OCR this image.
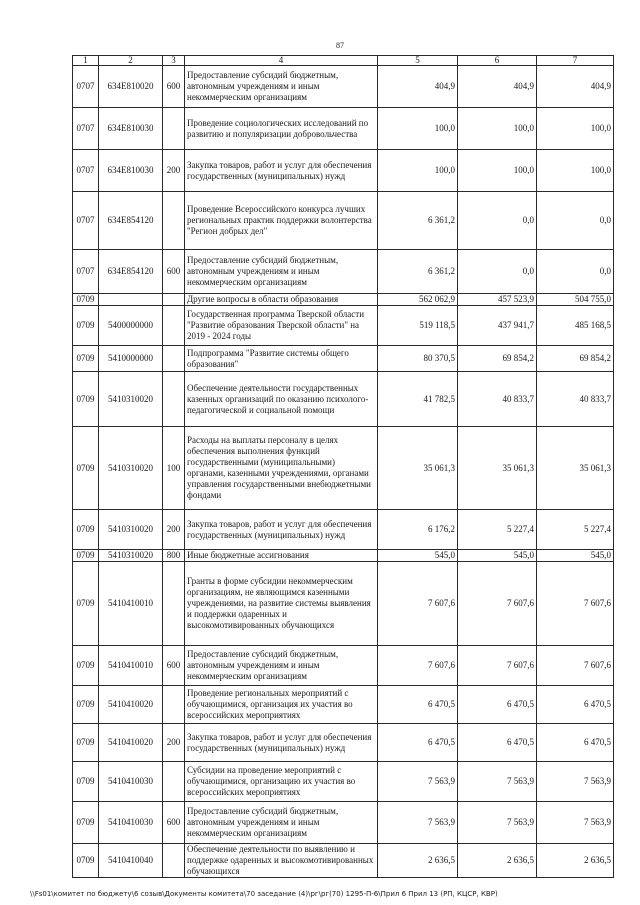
87
1	2	3	4	5	6	7
0707	634E810020	600	Предоставление субсидий бюджетным, автономным учреждениям и иным некоммерческим организациям	404,9	404,9	404,9
0707	634E810030		Проведение социологических исследований по развитию и популяризации добровольчества	100,0	100,0	100,0
0707	634E810030	200	Закупка товаров, работ и услуг для обеспечения государственных (муниципальных) нужд	100,0	100,0	100,0
0707	634E854120		Проведение Всероссийского конкурса лучших региональных практик поддержки волонтерства "Регион добрых дел"	6 361,2	0,0	0,0
0707	634E854120	600	Предоставление субсидий бюджетным, автономным учреждениям и иным некоммерческим организациям	6 361,2	0,0	0,0
0709			Другие вопросы в области образования	562 062,9	457 523,9	504 755,0
0709	5400000000		Государственная программа Тверской области "Развитие образования Тверской области" на 2019 - 2024 годы	519 118,5	437 941,7	485 168,5
0709	5410000000		Подпрограмма "Развитие системы общего образования"	80 370,5	69 854,2	69 854,2
0709	5410310020		Обеспечение деятельности государственных казенных организаций по оказанию психолого-педагогической и социальной помощи	41 782,5	40 833,7	40 833,7
0709	5410310020	100	Расходы на выплаты персоналу в целях обеспечения выполнения функций государственными (муниципальными) органами, казенными учреждениями, органами управления государственными внебюджетными фондами	35 061,3	35 061,3	35 061,3
0709	5410310020	200	Закупка товаров, работ и услуг для обеспечения государственных (муниципальных) нужд	6 176,2	5 227,4	5 227,4
0709	5410310020	800	Иные бюджетные ассигнования	545,0	545,0	545,0
0709	5410410010		Гранты в форме субсидии некоммерческим организациям, не являющимся казенными учреждениями, на развитие системы выявления и поддержки одаренных и высокомотивированных обучающихся	7 607,6	7 607,6	7 607,6
0709	5410410010	600	Предоставление субсидий бюджетным, автономным учреждениям и иным некоммерческим организациям	7 607,6	7 607,6	7 607,6
0709	5410410020		Проведение региональных мероприятий с обучающимися, организация их участия во всероссийских мероприятиях	6 470,5	6 470,5	6 470,5
0709	5410410020	200	Закупка товаров, работ и услуг для обеспечения государственных (муниципальных) нужд	6 470,5	6 470,5	6 470,5
0709	5410410030		Субсидии на проведение мероприятий с обучающимися, организацию их участия во всероссийских мероприятиях	7 563,9	7 563,9	7 563,9
0709	5410410030	600	Предоставление субсидий бюджетным, автономным учреждениям и иным некоммерческим организациям	7 563,9	7 563,9	7 563,9
0709	5410410040		Обеспечение деятельности по выявлению и поддержке одаренных и высокомотивированных обучающихся	2 636,5	2 636,5	2 636,5
\\Fs01\комитет по бюджету\6 созыв\Документы комитета\70 заседание (4)\рг\рг(70) 1295-П-6\Прил 6 Прил 13 (РП, КЦСР, КВР)
